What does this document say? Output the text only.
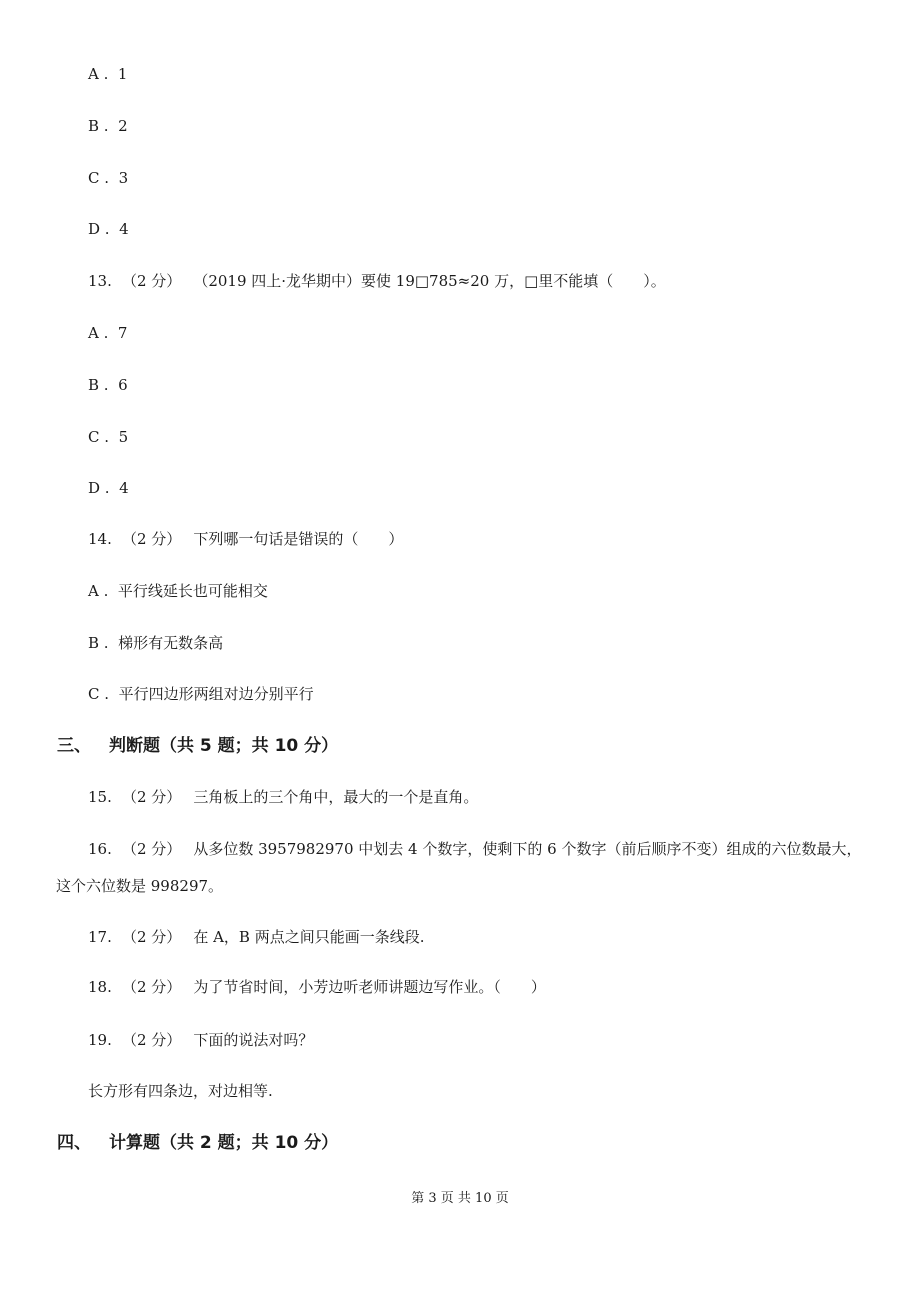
A .  1
B .  2
C .  3
D .  4
13. （2 分） （2019 四上·龙华期中）要使 19□785≈20 万，□里不能填（　　）。
A .  7
B .  6
C .  5
D .  4
14. （2 分） 下列哪一句话是错误的（　　）
A .  平行线延长也可能相交
B .  梯形有无数条高
C .  平行四边形两组对边分别平行
三、 判断题（共 5 题；共 10 分）
15. （2 分） 三角板上的三个角中，最大的一个是直角。
16. （2 分） 从多位数 3957982970 中划去 4 个数字，使剩下的 6 个数字（前后顺序不变）组成的六位数最大，
这个六位数是 998297。
17. （2 分） 在 A，B 两点之间只能画一条线段.
18. （2 分） 为了节省时间，小芳边听老师讲题边写作业。（　　）
19. （2 分） 下面的说法对吗？
长方形有四条边，对边相等.
四、 计算题（共 2 题；共 10 分）
第 3 页 共 10 页
